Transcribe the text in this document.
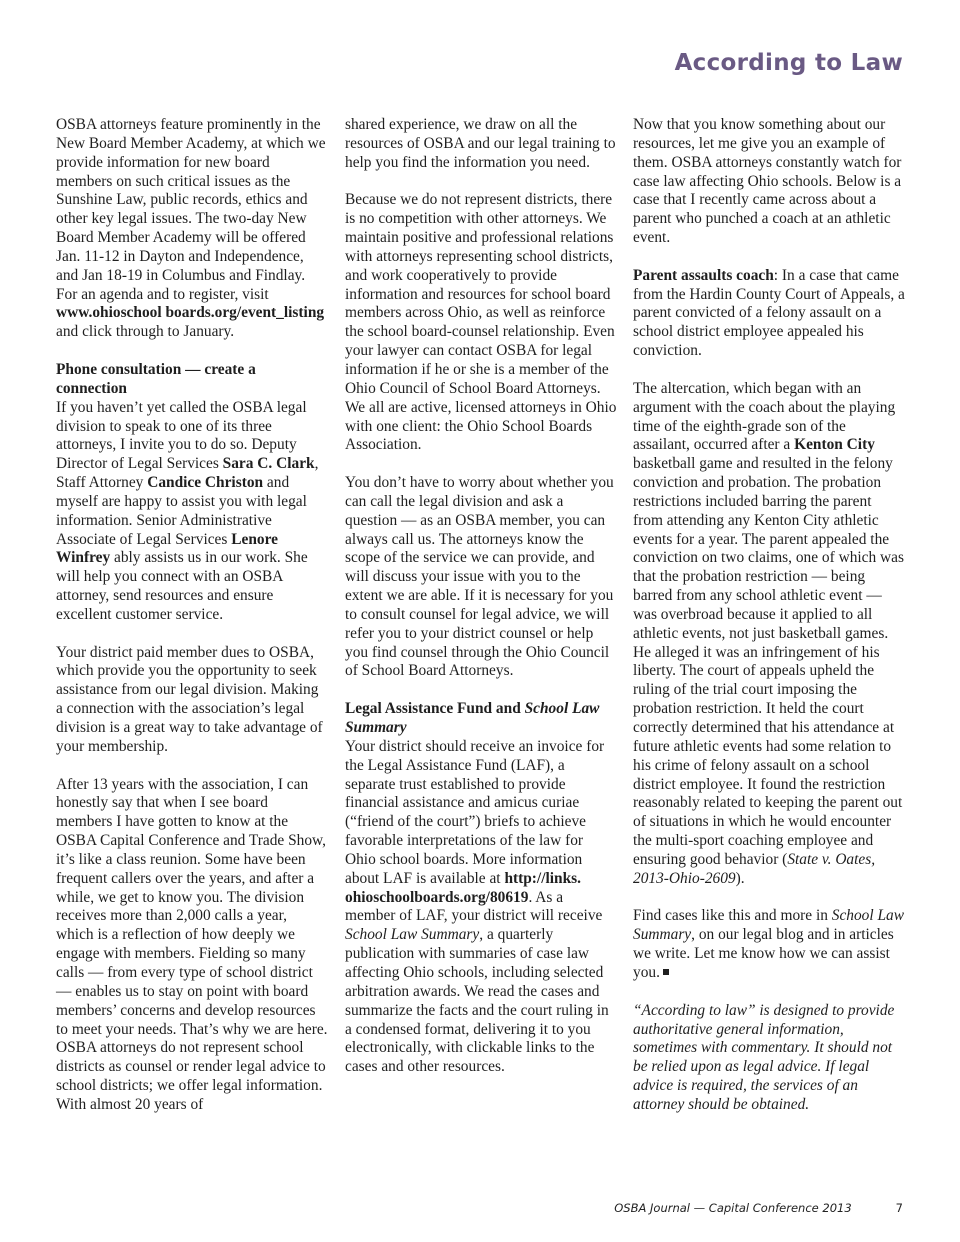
According to Law

OSBA attorneys feature prominently in the New Board Member Academy, at which we provide information for new board members on such critical issues as the Sunshine Law, public records, ethics and other key legal issues. The two-day New Board Member Academy will be offered Jan. 11-12 in Dayton and Independence, and Jan 18-19 in Columbus and Findlay. For an agenda and to register, visit www.ohioschool boards.org/event_listing and click through to January.

Phone consultation — create a connection

If you haven’t yet called the OSBA legal division to speak to one of its three attorneys, I invite you to do so. Deputy Director of Legal Services Sara C. Clark, Staff Attorney Candice Christon and myself are happy to assist you with legal information. Senior Administrative Associate of Legal Services Lenore Winfrey ably assists us in our work. She will help you connect with an OSBA attorney, send resources and ensure excellent customer service.

Your district paid member dues to OSBA, which provide you the opportunity to seek assistance from our legal division. Making a connection with the association’s legal division is a great way to take advantage of your membership.

After 13 years with the association, I can honestly say that when I see board members I have gotten to know at the OSBA Capital Conference and Trade Show, it’s like a class reunion. Some have been frequent callers over the years, and after a while, we get to know you. The division receives more than 2,000 calls a year, which is a reflection of how deeply we engage with members. Fielding so many calls — from every type of school district — enables us to stay on point with board members’ concerns and develop resources to meet your needs. That’s why we are here. OSBA attorneys do not represent school districts as counsel or render legal advice to school districts; we offer legal information. With almost 20 years of

shared experience, we draw on all the resources of OSBA and our legal training to help you find the information you need.

Because we do not represent districts, there is no competition with other attorneys. We maintain positive and professional relations with attorneys representing school districts, and work cooperatively to provide information and resources for school board members across Ohio, as well as reinforce the school board-counsel relationship. Even your lawyer can contact OSBA for legal information if he or she is a member of the Ohio Council of School Board Attorneys. We all are active, licensed attorneys in Ohio with one client: the Ohio School Boards Association.

You don’t have to worry about whether you can call the legal division and ask a question — as an OSBA member, you can always call us. The attorneys know the scope of the service we can provide, and will discuss your issue with you to the extent we are able. If it is necessary for you to consult counsel for legal advice, we will refer you to your district counsel or help you find counsel through the Ohio Council of School Board Attorneys.

Legal Assistance Fund and School Law Summary

Your district should receive an invoice for the Legal Assistance Fund (LAF), a separate trust established to provide financial assistance and amicus curiae (“friend of the court”) briefs to achieve favorable interpretations of the law for Ohio school boards. More information about LAF is available at http://links. ohioschoolboards.org/80619. As a member of LAF, your district will receive School Law Summary, a quarterly publication with summaries of case law affecting Ohio schools, including selected arbitration awards. We read the cases and summarize the facts and the court ruling in a condensed format, delivering it to you electronically, with clickable links to the cases and other resources.

Now that you know something about our resources, let me give you an example of them. OSBA attorneys constantly watch for case law affecting Ohio schools. Below is a case that I recently came across about a parent who punched a coach at an athletic event.

Parent assaults coach: In a case that came from the Hardin County Court of Appeals, a parent convicted of a felony assault on a school district employee appealed his conviction.

The altercation, which began with an argument with the coach about the playing time of the eighth-grade son of the assailant, occurred after a Kenton City basketball game and resulted in the felony conviction and probation. The probation restrictions included barring the parent from attending any Kenton City athletic events for a year. The parent appealed the conviction on two claims, one of which was that the probation restriction — being barred from any school athletic event — was overbroad because it applied to all athletic events, not just basketball games. He alleged it was an infringement of his liberty. The court of appeals upheld the ruling of the trial court imposing the probation restriction. It held the court correctly determined that his attendance at future athletic events had some relation to his crime of felony assault on a school district employee. It found the restriction reasonably related to keeping the parent out of situations in which he would encounter the multi-sport coaching employee and ensuring good behavior (State v. Oates, 2013-Ohio-2609).

Find cases like this and more in School Law Summary, on our legal blog and in articles we write. Let me know how we can assist you.

“According to law” is designed to provide authoritative general information, sometimes with commentary. It should not be relied upon as legal advice. If legal advice is required, the services of an attorney should be obtained.

OSBA Journal — Capital Conference 2013	7
